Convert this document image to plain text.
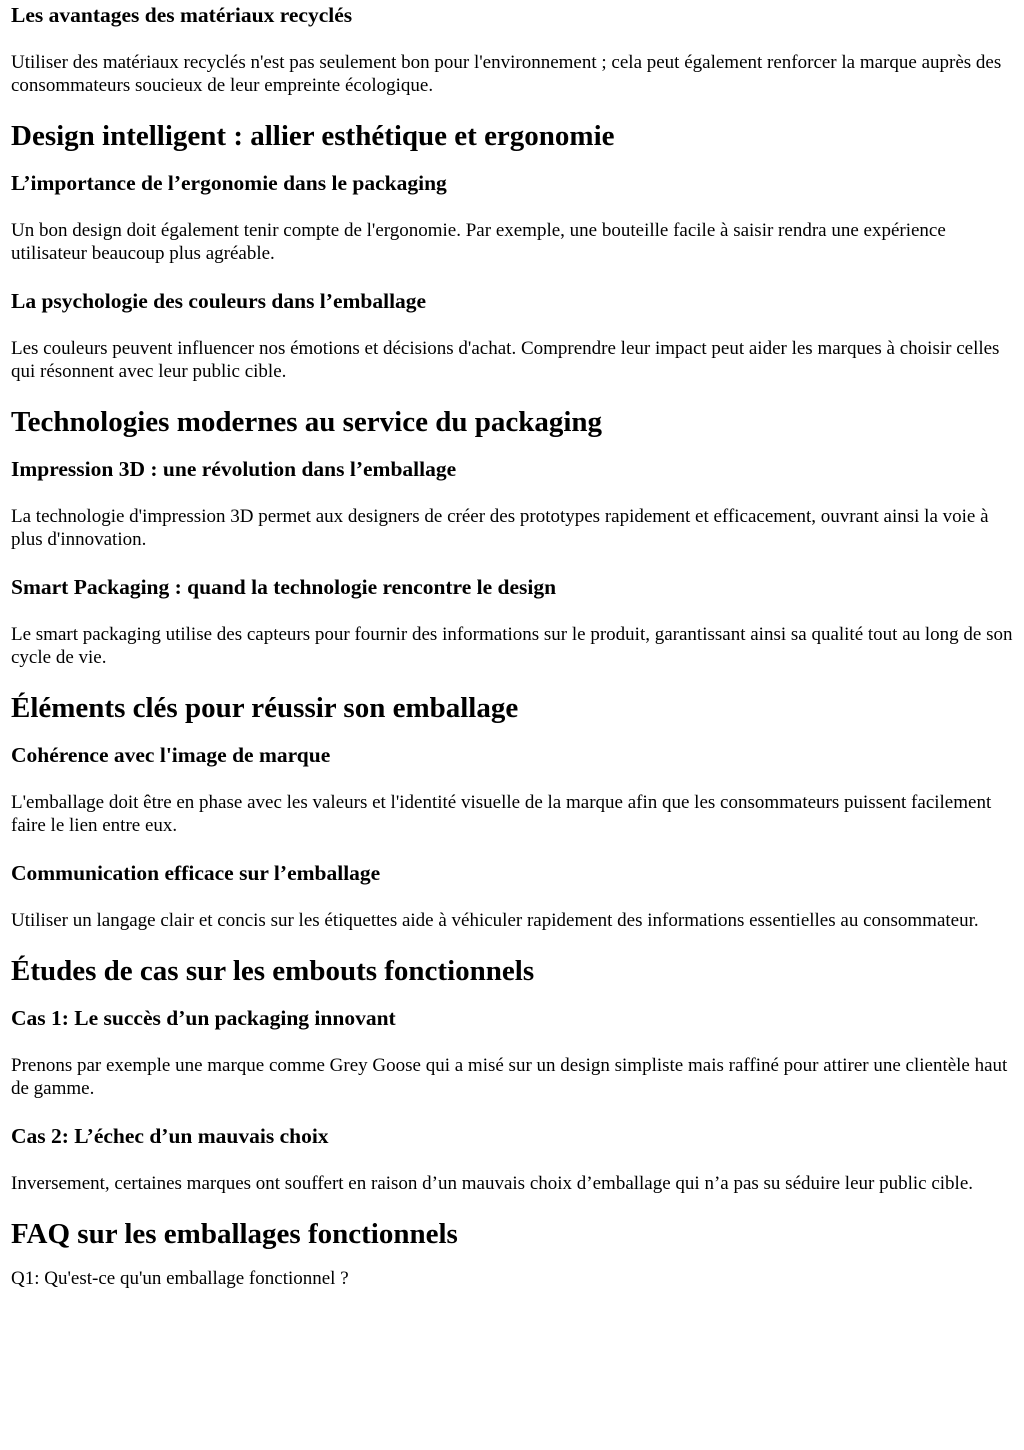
Les avantages des matériaux recyclés

Utiliser des matériaux recyclés n'est pas seulement bon pour l'environnement ; cela peut également renforcer la marque auprès des consommateurs soucieux de leur empreinte écologique.

Design intelligent : allier esthétique et ergonomie
L’importance de l’ergonomie dans le packaging

Un bon design doit également tenir compte de l'ergonomie. Par exemple, une bouteille facile à saisir rendra une expérience utilisateur beaucoup plus agréable.

La psychologie des couleurs dans l’emballage

Les couleurs peuvent influencer nos émotions et décisions d'achat. Comprendre leur impact peut aider les marques à choisir celles qui résonnent avec leur public cible.

Technologies modernes au service du packaging
Impression 3D : une révolution dans l’emballage

La technologie d'impression 3D permet aux designers de créer des prototypes rapidement et efficacement, ouvrant ainsi la voie à plus d'innovation.

Smart Packaging : quand la technologie rencontre le design

Le smart packaging utilise des capteurs pour fournir des informations sur le produit, garantissant ainsi sa qualité tout au long de son cycle de vie.

Éléments clés pour réussir son emballage
Cohérence avec l'image de marque

L'emballage doit être en phase avec les valeurs et l'identité visuelle de la marque afin que les consommateurs puissent facilement faire le lien entre eux.

Communication efficace sur l’emballage

Utiliser un langage clair et concis sur les étiquettes aide à véhiculer rapidement des informations essentielles au consommateur.

Études de cas sur les embouts fonctionnels
Cas 1: Le succès d’un packaging innovant

Prenons par exemple une marque comme Grey Goose qui a misé sur un design simpliste mais raffiné pour attirer une clientèle haut de gamme.

Cas 2: L’échec d’un mauvais choix

Inversement, certaines marques ont souffert en raison d’un mauvais choix d’emballage qui n’a pas su séduire leur public cible.

FAQ sur les emballages fonctionnels

Q1: Qu'est-ce qu'un emballage fonctionnel ?
